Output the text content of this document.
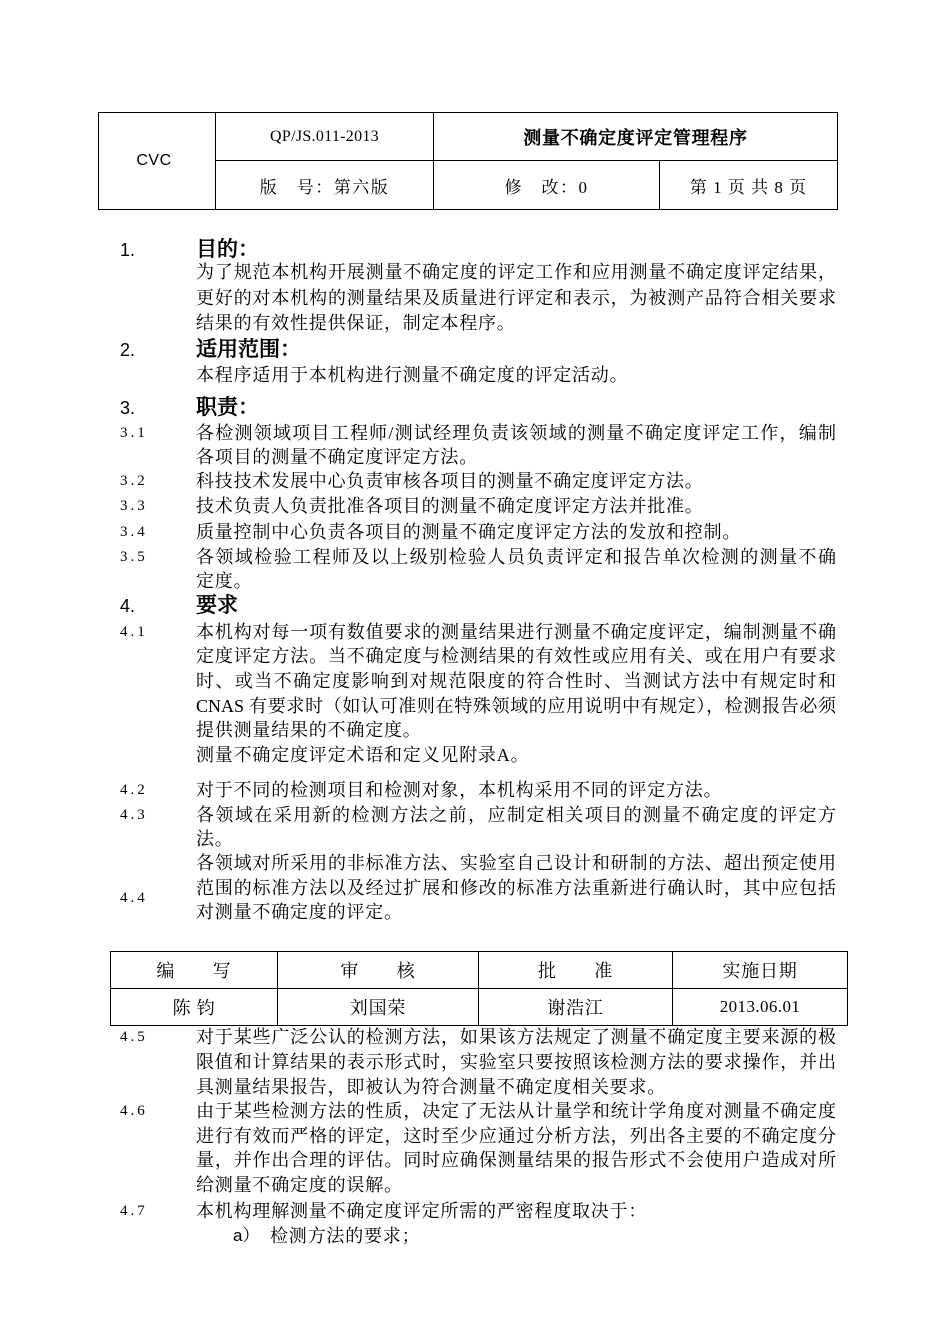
CVC	QP/JS.011-2013	测量不确定度评定管理程序	
	版　号：第六版	修　改：0	第 1 页 共 8 页
1.	目的：
为了规范本机构开展测量不确定度的评定工作和应用测量不确定度评定结果，
更好的对本机构的测量结果及质量进行评定和表示，为被测产品符合相关要求
结果的有效性提供保证，制定本程序。
2.	适用范围：
本程序适用于本机构进行测量不确定度的评定活动。
3.	职责：
3.1	各检测领域项目工程师/测试经理负责该领域的测量不确定度评定工作，编制
各项目的测量不确定度评定方法。
3.2	科技技术发展中心负责审核各项目的测量不确定度评定方法。
3.3	技术负责人负责批准各项目的测量不确定度评定方法并批准。
3.4	质量控制中心负责各项目的测量不确定度评定方法的发放和控制。
3.5	各领域检验工程师及以上级别检验人员负责评定和报告单次检测的测量不确
定度。
4.	要求
4.1	本机构对每一项有数值要求的测量结果进行测量不确定度评定，编制测量不确
定度评定方法。当不确定度与检测结果的有效性或应用有关、或在用户有要求
时、或当不确定度影响到对规范限度的符合性时、当测试方法中有规定时和
CNAS 有要求时（如认可准则在特殊领域的应用说明中有规定），检测报告必须
提供测量结果的不确定度。
测量不确定度评定术语和定义见附录A。
4.2	对于不同的检测项目和检测对象，本机构采用不同的评定方法。
4.3	各领域在采用新的检测方法之前，应制定相关项目的测量不确定度的评定方
法。
4.4
各领域对所采用的非标准方法、实验室自己设计和研制的方法、超出预定使用
范围的标准方法以及经过扩展和修改的标准方法重新进行确认时，其中应包括
对测量不确定度的评定。
编　　写	审　　核	批　　准	实施日期
陈 钧	刘国荣	谢浩江	2013.06.01
4.5	对于某些广泛公认的检测方法，如果该方法规定了测量不确定度主要来源的极
限值和计算结果的表示形式时，实验室只要按照该检测方法的要求操作，并出
具测量结果报告，即被认为符合测量不确定度相关要求。
4.6	由于某些检测方法的性质，决定了无法从计量学和统计学角度对测量不确定度
进行有效而严格的评定，这时至少应通过分析方法，列出各主要的不确定度分
量，并作出合理的评估。同时应确保测量结果的报告形式不会使用户造成对所
给测量不确定度的误解。
4.7	本机构理解测量不确定度评定所需的严密程度取决于：
a） 检测方法的要求；
